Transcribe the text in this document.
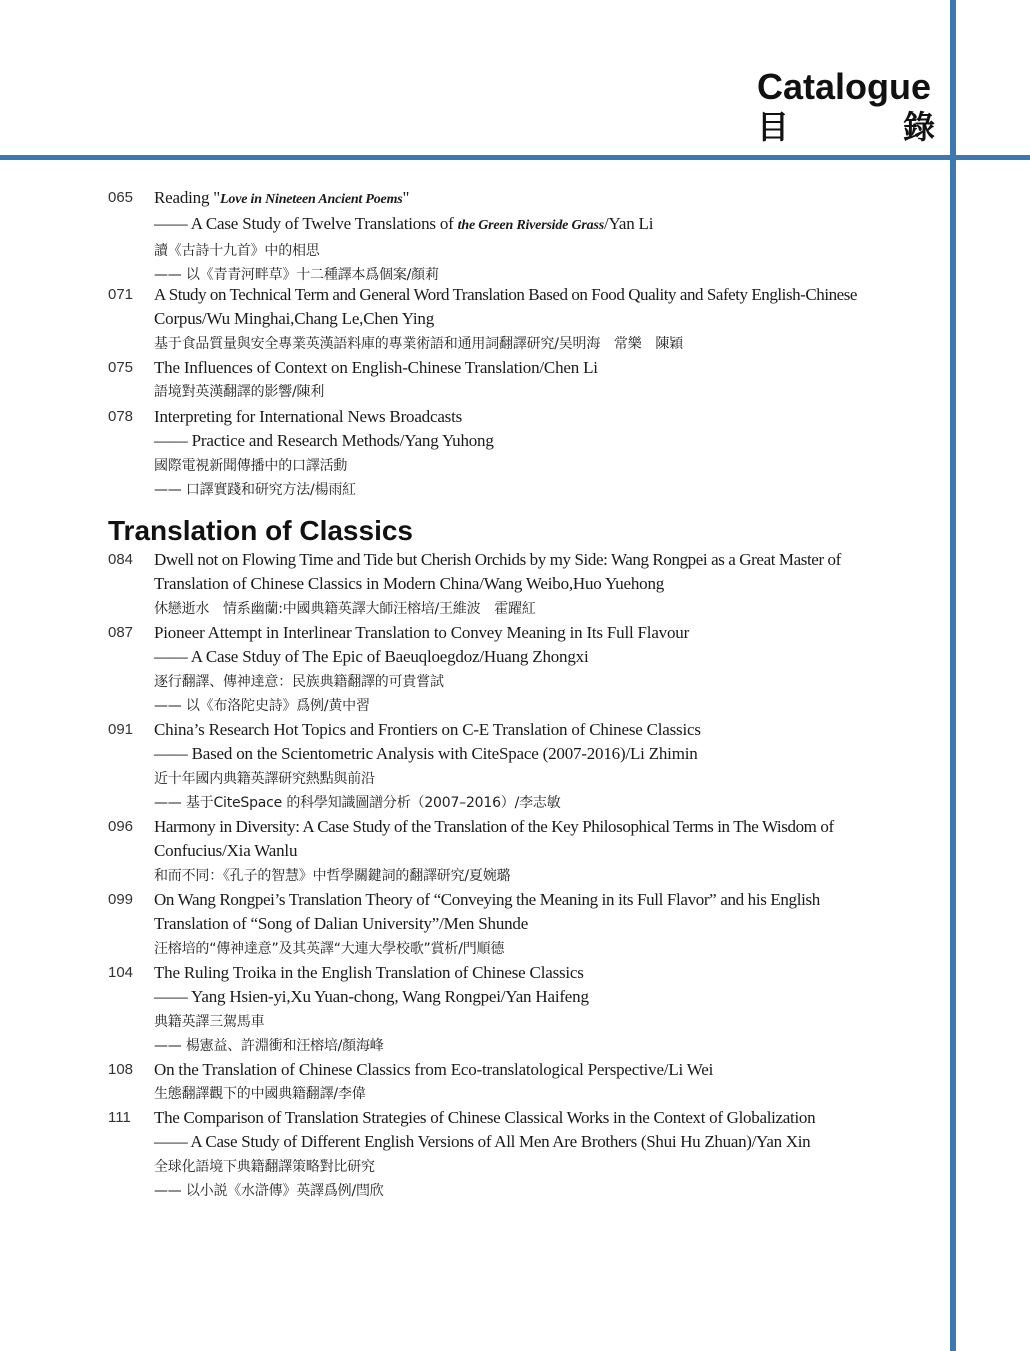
Catalogue
目	錄
065	Reading "Love in Nineteen Ancient Poems"
—— A Case Study of Twelve Translations of the Green Riverside Grass/Yan Li
讀《古詩十九首》中的相思
—— 以《青青河畔草》十二種譯本爲個案/顏莉
071	A Study on Technical Term and General Word Translation Based on Food Quality and Safety English-Chinese
Corpus/Wu Minghai,Chang Le,Chen Ying
基于食品質量與安全專業英漢語料庫的專業術語和通用詞翻譯研究/吴明海　常樂　陳穎
075	The Influences of Context on English-Chinese Translation/Chen Li
語境對英漢翻譯的影響/陳利
078	Interpreting for International News Broadcasts
—— Practice and Research Methods/Yang Yuhong
國際電視新聞傳播中的口譯活動
—— 口譯實踐和研究方法/楊雨紅
Translation of Classics
084	Dwell not on Flowing Time and Tide but Cherish Orchids by my Side: Wang Rongpei as a Great Master of
Translation of Chinese Classics in Modern China/Wang Weibo,Huo Yuehong
休戀逝水　情系幽蘭:中國典籍英譯大師汪榕培/王維波　霍躍紅
087	Pioneer Attempt in Interlinear Translation to Convey Meaning in Its Full Flavour
—— A Case Stduy of The Epic of Baeuqloegdoz/Huang Zhongxi
逐行翻譯、傳神達意：民族典籍翻譯的可貴嘗試
—— 以《布洛陀史詩》爲例/黄中習
091	China’s Research Hot Topics and Frontiers on C-E Translation of Chinese Classics
—— Based on the Scientometric Analysis with CiteSpace (2007-2016)/Li Zhimin
近十年國内典籍英譯研究熱點與前沿
—— 基于CiteSpace 的科學知識圖譜分析（2007–2016）/李志敏
096	Harmony in Diversity: A Case Study of the Translation of the Key Philosophical Terms in The Wisdom of
Confucius/Xia Wanlu
和而不同：《孔子的智慧》中哲學關鍵詞的翻譯研究/夏婉璐
099	On Wang Rongpei’s Translation Theory of “Conveying the Meaning in its Full Flavor” and his English
Translation of “Song of Dalian University”/Men Shunde
汪榕培的“傳神達意”及其英譯“大連大學校歌”賞析/門順德
104	The Ruling Troika in the English Translation of Chinese Classics
—— Yang Hsien-yi,Xu Yuan-chong, Wang Rongpei/Yan Haifeng
典籍英譯三駕馬車
—— 楊憲益、許淵衝和汪榕培/顏海峰
108	On the Translation of Chinese Classics from Eco-translatological Perspective/Li Wei
生態翻譯觀下的中國典籍翻譯/李偉
111	The Comparison of Translation Strategies of Chinese Classical Works in the Context of Globalization
—— A Case Study of Different English Versions of All Men Are Brothers (Shui Hu Zhuan)/Yan Xin
全球化語境下典籍翻譯策略對比研究
—— 以小説《水滸傳》英譯爲例/閆欣
